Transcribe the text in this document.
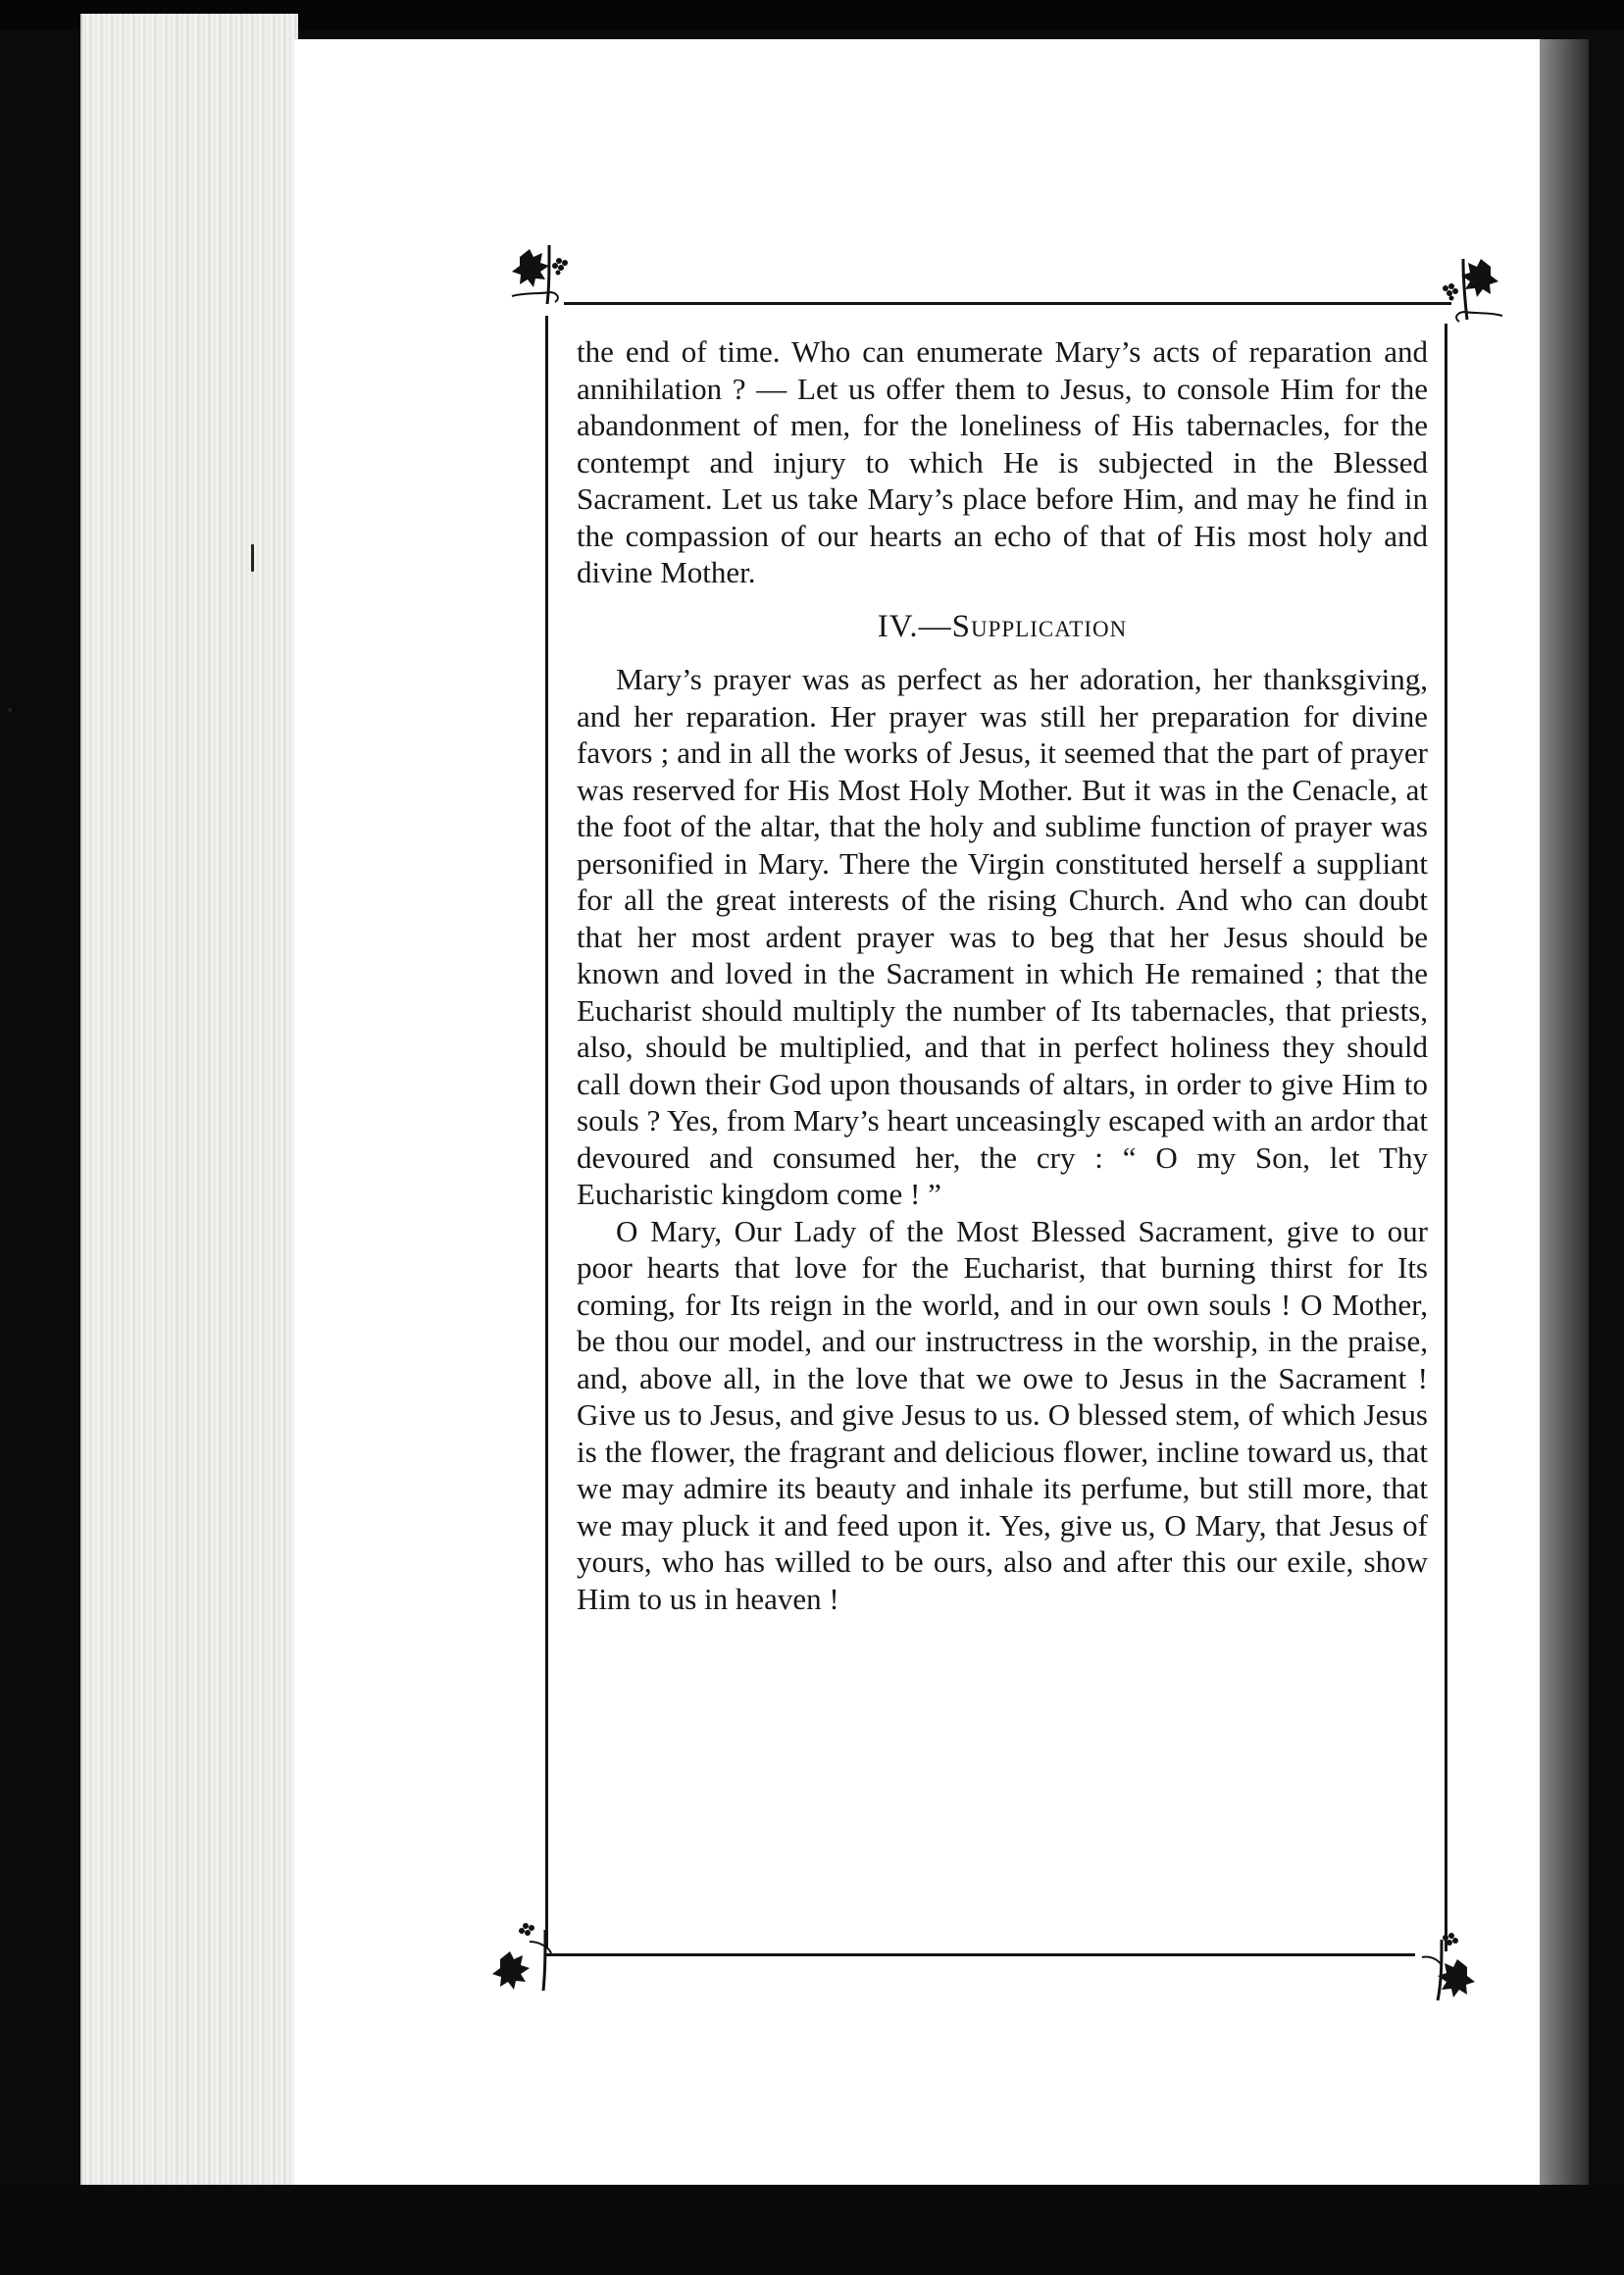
the end of time. Who can enumerate Mary’s acts of reparation and annihilation ? — Let us offer them to Jesus, to console Him for the abandonment of men, for the loneliness of His tabernacles, for the contempt and injury to which He is subjected in the Blessed Sacrament. Let us take Mary’s place before Him, and may he find in the compassion of our hearts an echo of that of His most holy and divine Mother.

IV.—Supplication

Mary’s prayer was as perfect as her adoration, her thanksgiving, and her reparation. Her prayer was still her preparation for divine favors ; and in all the works of Jesus, it seemed that the part of prayer was reserved for His Most Holy Mother. But it was in the Cenacle, at the foot of the altar, that the holy and sublime function of prayer was personified in Mary. There the Virgin constituted herself a suppliant for all the great interests of the rising Church. And who can doubt that her most ardent prayer was to beg that her Jesus should be known and loved in the Sacrament in which He remained ; that the Eucharist should multiply the number of Its tabernacles, that priests, also, should be multiplied, and that in perfect holiness they should call down their God upon thousands of altars, in order to give Him to souls ? Yes, from Mary’s heart unceasingly escaped with an ardor that devoured and consumed her, the cry : “ O my Son, let Thy Eucharistic kingdom come ! ”

O Mary, Our Lady of the Most Blessed Sacrament, give to our poor hearts that love for the Eucharist, that burning thirst for Its coming, for Its reign in the world, and in our own souls ! O Mother, be thou our model, and our instructress in the worship, in the praise, and, above all, in the love that we owe to Jesus in the Sacrament ! Give us to Jesus, and give Jesus to us. O blessed stem, of which Jesus is the flower, the fragrant and delicious flower, incline toward us, that we may admire its beauty and inhale its perfume, but still more, that we may pluck it and feed upon it. Yes, give us, O Mary, that Jesus of yours, who has willed to be ours, also and after this our exile, show Him to us in heaven !
